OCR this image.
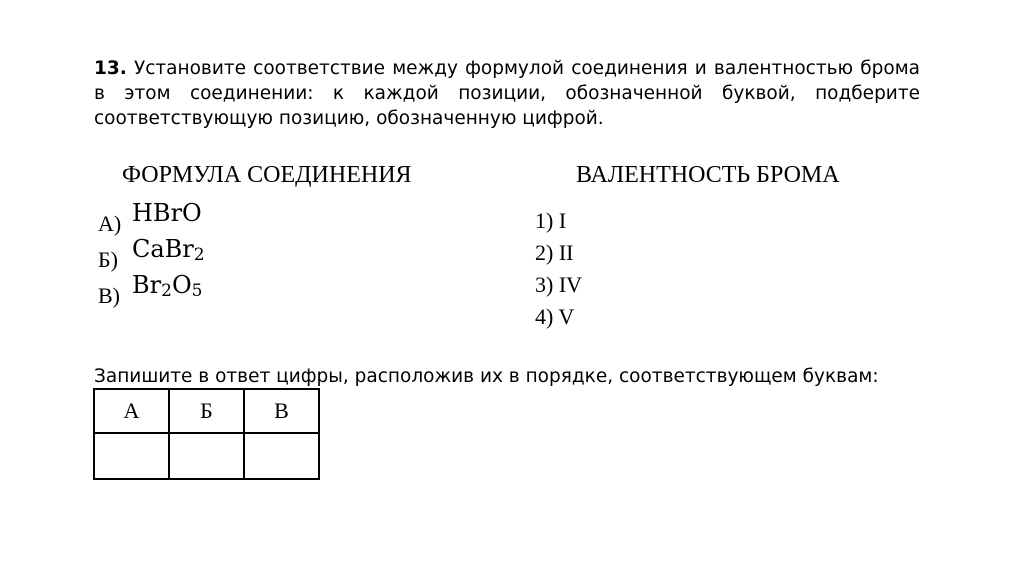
13. Установите соответствие между формулой соединения и валентностью брома в этом соединении: к каждой позиции, обозначенной буквой, подберите соответствующую позицию, обозначенную цифрой.
ФОРМУЛА СОЕДИНЕНИЯ	ВАЛЕНТНОСТЬ БРОМА
А) HBrO
Б) CaBr$_2$
В) $Br_2O_5$
1) I
2) II
3) IV
4) V
Запишите в ответ цифры, расположив их в порядке, соответствующем буквам:
А	Б	В
